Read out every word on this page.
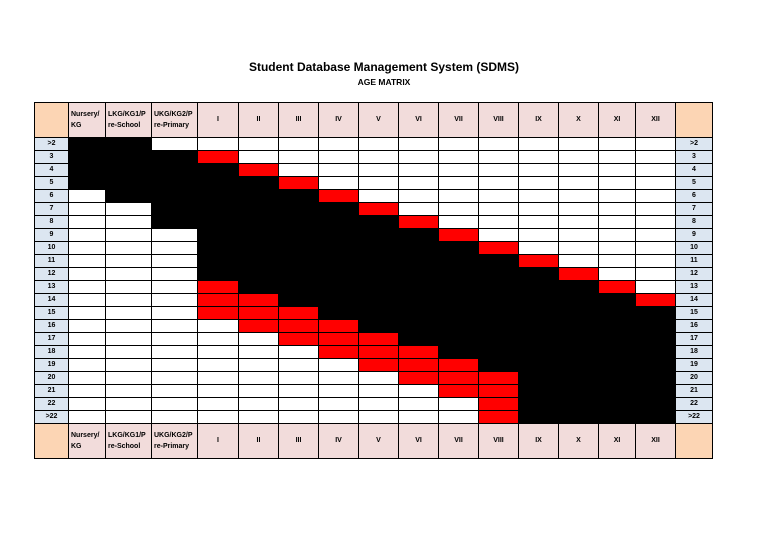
Student Database Management System (SDMS)
AGE MATRIX
	Nursery/ KG	LKG/KG1/P re-School	UKG/KG2/P re-Primary	I	II	III	IV	V	VI	VII	VIII	IX	X	XI	XII	
>2																>2
3																3
4																4
5																5
6																6
7																7
8																8
9																9
10																10
11																11
12																12
13																13
14																14
15																15
16																16
17																17
18																18
19																19
20																20
21																21
22																22
>22																>22
	Nursery/ KG	LKG/KG1/P re-School	UKG/KG2/P re-Primary	I	II	III	IV	V	VI	VII	VIII	IX	X	XI	XII	
